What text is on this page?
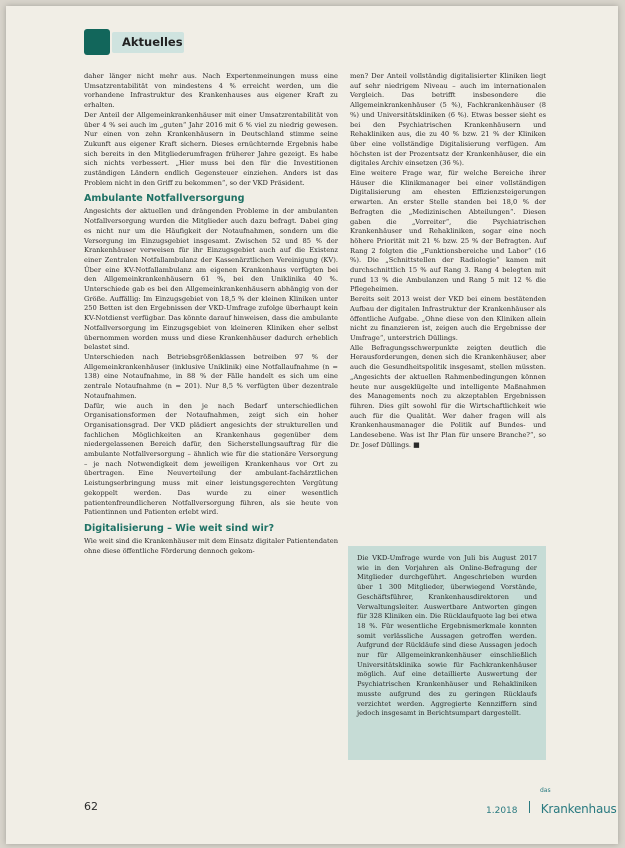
Aktuelles

daher länger nicht mehr aus. Nach Expertenmeinungen muss eine Umsatzrentabilität von mindestens 4 % erreicht werden, um die vorhandene Infrastruktur des Krankenhauses aus eigener Kraft zu erhalten.

Der Anteil der Allgemeinkrankenhäuser mit einer Umsatzrentabilität von über 4 % sei auch im „guten“ Jahr 2016 mit 6 % viel zu niedrig gewesen. Nur einen von zehn Krankenhäusern in Deutschland stimme seine Zukunft aus eigener Kraft sichern. Dieses ernüchternde Ergebnis habe sich bereits in den Mitgliederumfragen früherer Jahre gezeigt. Es habe sich nichts verbessert. „Hier muss bei den für die Investitionen zuständigen Ländern endlich Gegensteuer einziehen. Anders ist das Problem nicht in den Griff zu bekommen“, so der VKD Präsident.

Ambulante Notfallversorgung

Angesichts der aktuellen und drängenden Probleme in der ambulanten Notfallversorgung wurden die Mitglieder auch dazu befragt. Dabei ging es nicht nur um die Häufigkeit der Notaufnahmen, sondern um die Versorgung im Einzugsgebiet insgesamt. Zwischen 52 und 85 % der Krankenhäuser verweisen für ihr Einzugsgebiet auch auf die Existenz einer Zentralen Notfallambulanz der Kassenärztlichen Vereinigung (KV). Über eine KV-Notfallambulanz am eigenen Krankenhaus verfügten bei den Allgemeinkrankenhäusern 61 %, bei den Uniklinika 40 %. Unterschiede gab es bei den Allgemeinkrankenhäusern abhängig von der Größe. Auffällig: Im Einzugsgebiet von 18,5 % der kleinen Kliniken unter 250 Betten ist den Ergebnissen der VKD-Umfrage zufolge überhaupt kein KV-Notdienst verfügbar. Das könnte darauf hinweisen, dass die ambulante Notfallversorgung im Einzugsgebiet von kleineren Kliniken eher selbst übernommen worden muss und diese Krankenhäuser dadurch erheblich belastet sind.

Unterschieden nach Betriebsgrößenklassen betreiben 97 % der Allgemeinkrankenhäuser (inklusive Uniklinik) eine Notfallaufnahme (n = 138) eine Notaufnahme, in 88 % der Fälle handelt es sich um eine zentrale Notaufnahme (n = 201). Nur 8,5 % verfügten über dezentrale Notaufnahmen.

Dafür, wie auch in den je nach Bedarf unterschiedlichen Organisationsformen der Notaufnahmen, zeigt sich ein hoher Organisationsgrad. Der VKD plädiert angesichts der strukturellen und fachlichen Möglichkeiten an Krankenhaus gegenüber dem niedergelassenen Bereich dafür, den Sicherstellungsauftrag für die ambulante Notfallversorgung – ähnlich wie für die stationäre Versorgung – je nach Notwendigkeit dem jeweiligen Krankenhaus vor Ort zu übertragen. Eine Neuverteilung der ambulant-fachärztlichen Leistungserbringung muss mit einer leistungsgerechten Vergütung gekoppelt werden. Das wurde zu einer wesentlich patientenfreundlicheren Notfallversorgung führen, als sie heute von Patientinnen und Patienten erlebt wird.

Digitalisierung – Wie weit sind wir?

Wie weit sind die Krankenhäuser mit dem Einsatz digitaler Patientendaten ohne diese öffentliche Förderung dennoch gekom-

men? Der Anteil vollständig digitalisierter Kliniken liegt auf sehr niedrigem Niveau – auch im internationalen Vergleich. Das betrifft insbesondere die Allgemeinkrankenhäuser (5 %), Fachkrankenhäuser (8 %) und Universitätskliniken (6 %). Etwas besser sieht es bei den Psychiatrischen Krankenhäusern und Rehakliniken aus, die zu 40 % bzw. 21 % der Kliniken über eine vollständige Digitalisierung verfügen. Am höchsten ist der Prozentsatz der Krankenhäuser, die ein digitales Archiv einsetzen (36 %).

Eine weitere Frage war, für welche Bereiche ihrer Häuser die Klinikmanager bei einer vollständigen Digitalisierung am ehesten Effizienzsteigerungen erwarten. An erster Stelle standen bei 18,0 % der Befragten die „Medizinischen Abteilungen“. Diesen gaben die „Vorreiter“, die Psychiatrischen Krankenhäuser und Rehakliniken, sogar eine noch höhere Priorität mit 21 % bzw. 25 % der Befragten. Auf Rang 2 folgten die „Funktionsbereiche und Labor“ (16 %). Die „Schnittstellen der Radiologie“ kamen mit durchschnittlich 15 % auf Rang 3. Rang 4 belegten mit rund 13 % die Ambulanzen und Rang 5 mit 12 % die Pflegeheimen.

Bereits seit 2013 weist der VKD bei einem bestätenden Aufbau der digitalen Infrastruktur der Krankenhäuser als öffentliche Aufgabe. „Ohne diese von den Kliniken allein nicht zu finanzieren ist, zeigen auch die Ergebnisse der Umfrage“, unterstrich Düllings.

Alle Befragungsschwerpunkte zeigten deutlich die Herausforderungen, denen sich die Krankenhäuser, aber auch die Gesundheitspolitik insgesamt, stellen müssten. „Angesichts der aktuellen Rahmenbedingungen können heute nur ausgeklügelte und intelligente Maßnahmen des Managements noch zu akzeptablen Ergebnissen führen. Dies gilt sowohl für die Wirtschaftlichkeit wie auch für die Qualität. Wer daher fragen will als Krankenhausmanager die Politik auf Bundes- und Landesebene. Was ist Ihr Plan für unsere Branche?“, so Dr. Josef Düllings. ■

Die VKD-Umfrage wurde von Juli bis August 2017 wie in den Vorjahren als Online-Befragung der Mitglieder durchgeführt. Angeschrieben wurden über 1 300 Mitglieder, überwiegend Vorstände, Geschäftsführer, Krankenhausdirektoren und Verwaltungsleiter. Auswertbare Antworten gingen für 328 Kliniken ein. Die Rücklaufquote lag bei etwa 18 %. Für wesentliche Ergebnismerkmale konnten somit verlässliche Aussagen getroffen werden. Aufgrund der Rückläufe sind diese Aussagen jedoch nur für Allgemeinkrankenhäuser einschließlich Universitätsklinika sowie für Fachkrankenhäuser möglich. Auf eine detaillierte Auswertung der Psychiatrischen Krankenhäuser und Rehakliniken musste aufgrund des zu geringen Rücklaufs verzichtet werden. Aggregierte Kennziffern sind jedoch insgesamt in Berichtsumpart dargestellt.

62	1.2018 Krankenhaus
das
